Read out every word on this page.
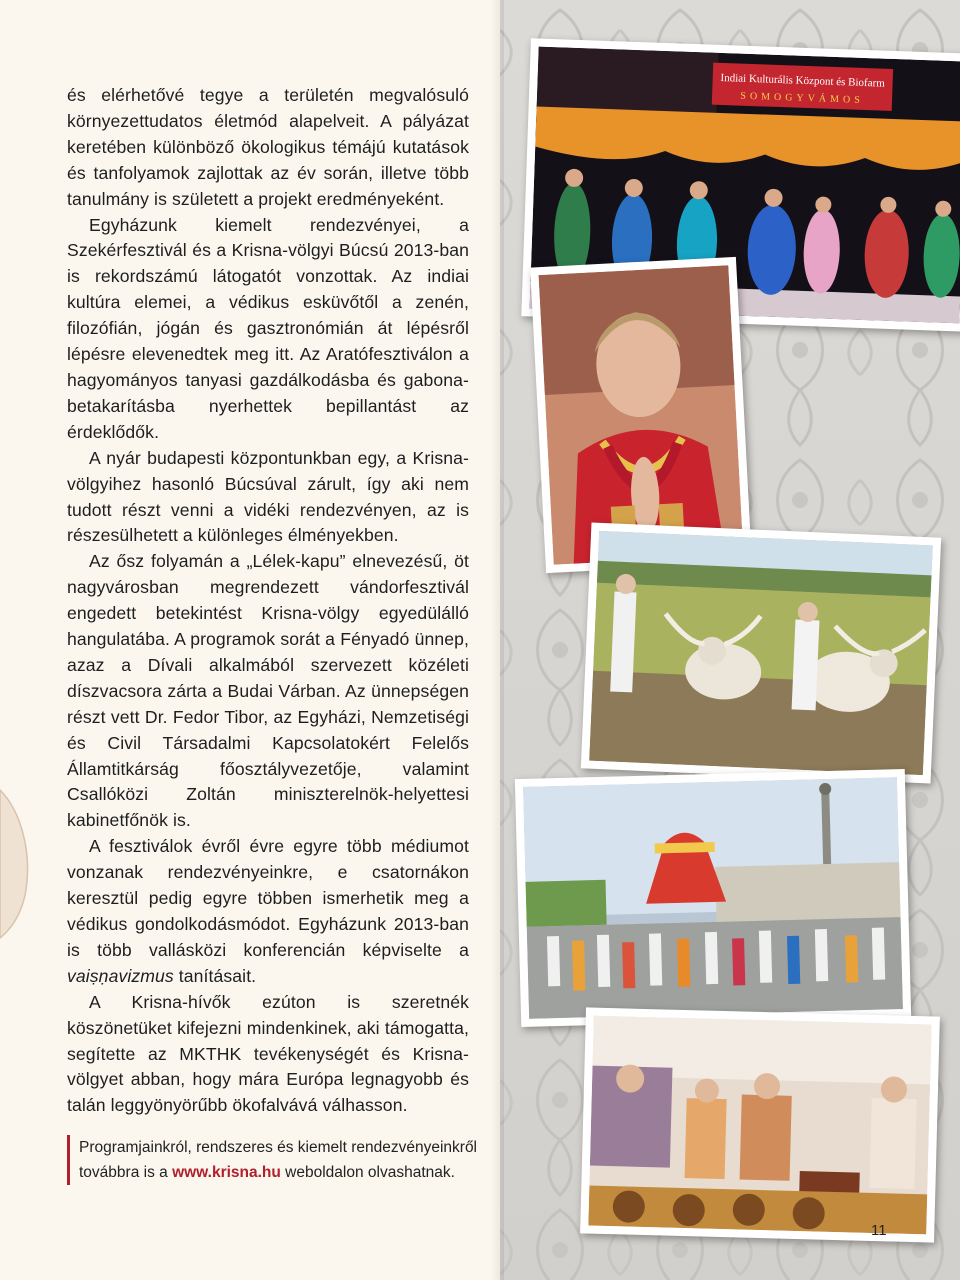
és elérhetővé tegye a területén megvalósuló környezettudatos életmód alapelveit. A pályázat keretében különböző ökologikus témájú kutatások és tanfolyamok zajlottak az év során, illetve több tanulmány is született a projekt eredményeként.

Egyházunk kiemelt rendezvényei, a Szekérfesztivál és a Krisna-völgyi Búcsú 2013-ban is rekordszámú látogatót vonzottak. Az indiai kultúra elemei, a védikus esküvőtől a zenén, filozófián, jógán és gasztronómián át lépésről lépésre elevenedtek meg itt. Az Aratófesztiválon a hagyományos tanyasi gazdálkodásba és gabona-betakarításba nyerhettek bepillantást az érdeklődők.

A nyár budapesti központunkban egy, a Krisna-völgyihez hasonló Búcsúval zárult, így aki nem tudott részt venni a vidéki rendezvényen, az is részesülhetett a különleges élményekben.

Az ősz folyamán a „Lélek-kapu” elnevezésű, öt nagyvárosban megrendezett vándorfesztivál engedett betekintést Krisna-völgy egyedülálló hangulatába. A programok sorát a Fényadó ünnep, azaz a Dívali alkalmából szervezett közéleti díszvacsora zárta a Budai Várban. Az ünnepségen részt vett Dr. Fedor Tibor, az Egyházi, Nemzetiségi és Civil Társadalmi Kapcsolatokért Felelős Államtitkárság főosztályvezetője, valamint Csallóközi Zoltán miniszterelnök-helyettesi kabinetfőnök is.

A fesztiválok évről évre egyre több médiumot vonzanak rendezvényeinkre, e csatornákon keresztül pedig egyre többen ismerhetik meg a védikus gondolkodásmódot. Egyházunk 2013-ban is több vallásközi konferencián képviselte a vaiṣṇavizmus tanításait.

A Krisna-hívők ezúton is szeretnék köszönetüket kifejezni mindenkinek, aki támogatta, segítette az MKTHK tevékenységét és Krisna-völgyet abban, hogy mára Európa legnagyobb és talán leggyönyörűbb ökofalvává válhasson.

Programjainkról, rendszeres és kiemelt rendezvényeinkről továbbra is a www.krisna.hu weboldalon olvashatnak.
Indiai Kulturális Központ és Biofarm
SOMOGYVÁMOS
11
